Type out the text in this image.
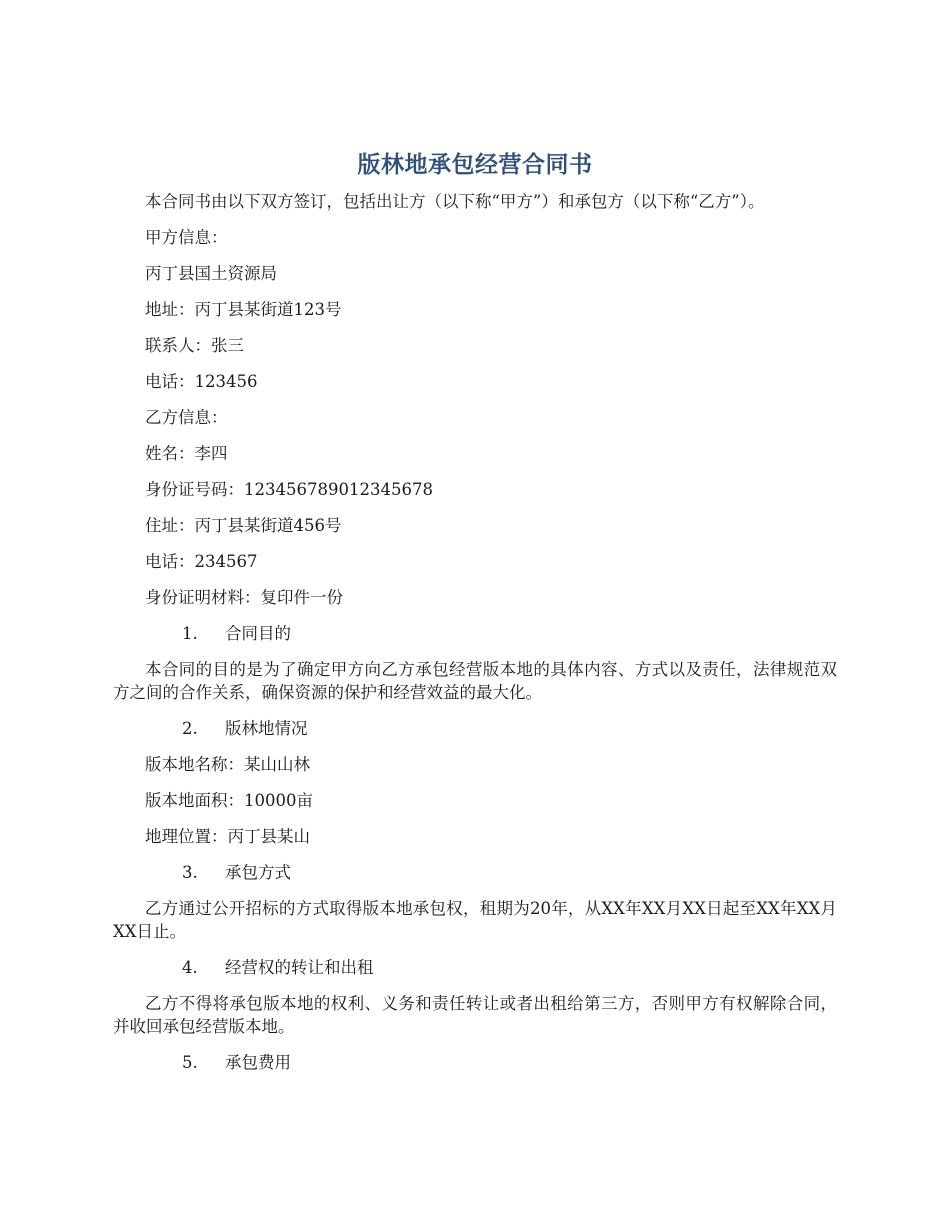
版林地承包经营合同书

本合同书由以下双方签订，包括出让方（以下称“甲方”）和承包方（以下称“乙方”）。

甲方信息：

丙丁县国土资源局

地址：丙丁县某街道123号

联系人：张三

电话：123456

乙方信息：

姓名：李四

身份证号码：123456789012345678

住址：丙丁县某街道456号

电话：234567

身份证明材料：复印件一份

1.	合同目的

本合同的目的是为了确定甲方向乙方承包经营版本地的具体内容、方式以及责任，法律规范双方之间的合作关系，确保资源的保护和经营效益的最大化。

2.	版林地情况

版本地名称：某山山林

版本地面积：10000亩

地理位置：丙丁县某山

3.	承包方式

乙方通过公开招标的方式取得版本地承包权，租期为20年，从XX年XX月XX日起至XX年XX月XX日止。

4.	经营权的转让和出租

乙方不得将承包版本地的权利、义务和责任转让或者出租给第三方，否则甲方有权解除合同，并收回承包经营版本地。

5.	承包费用
